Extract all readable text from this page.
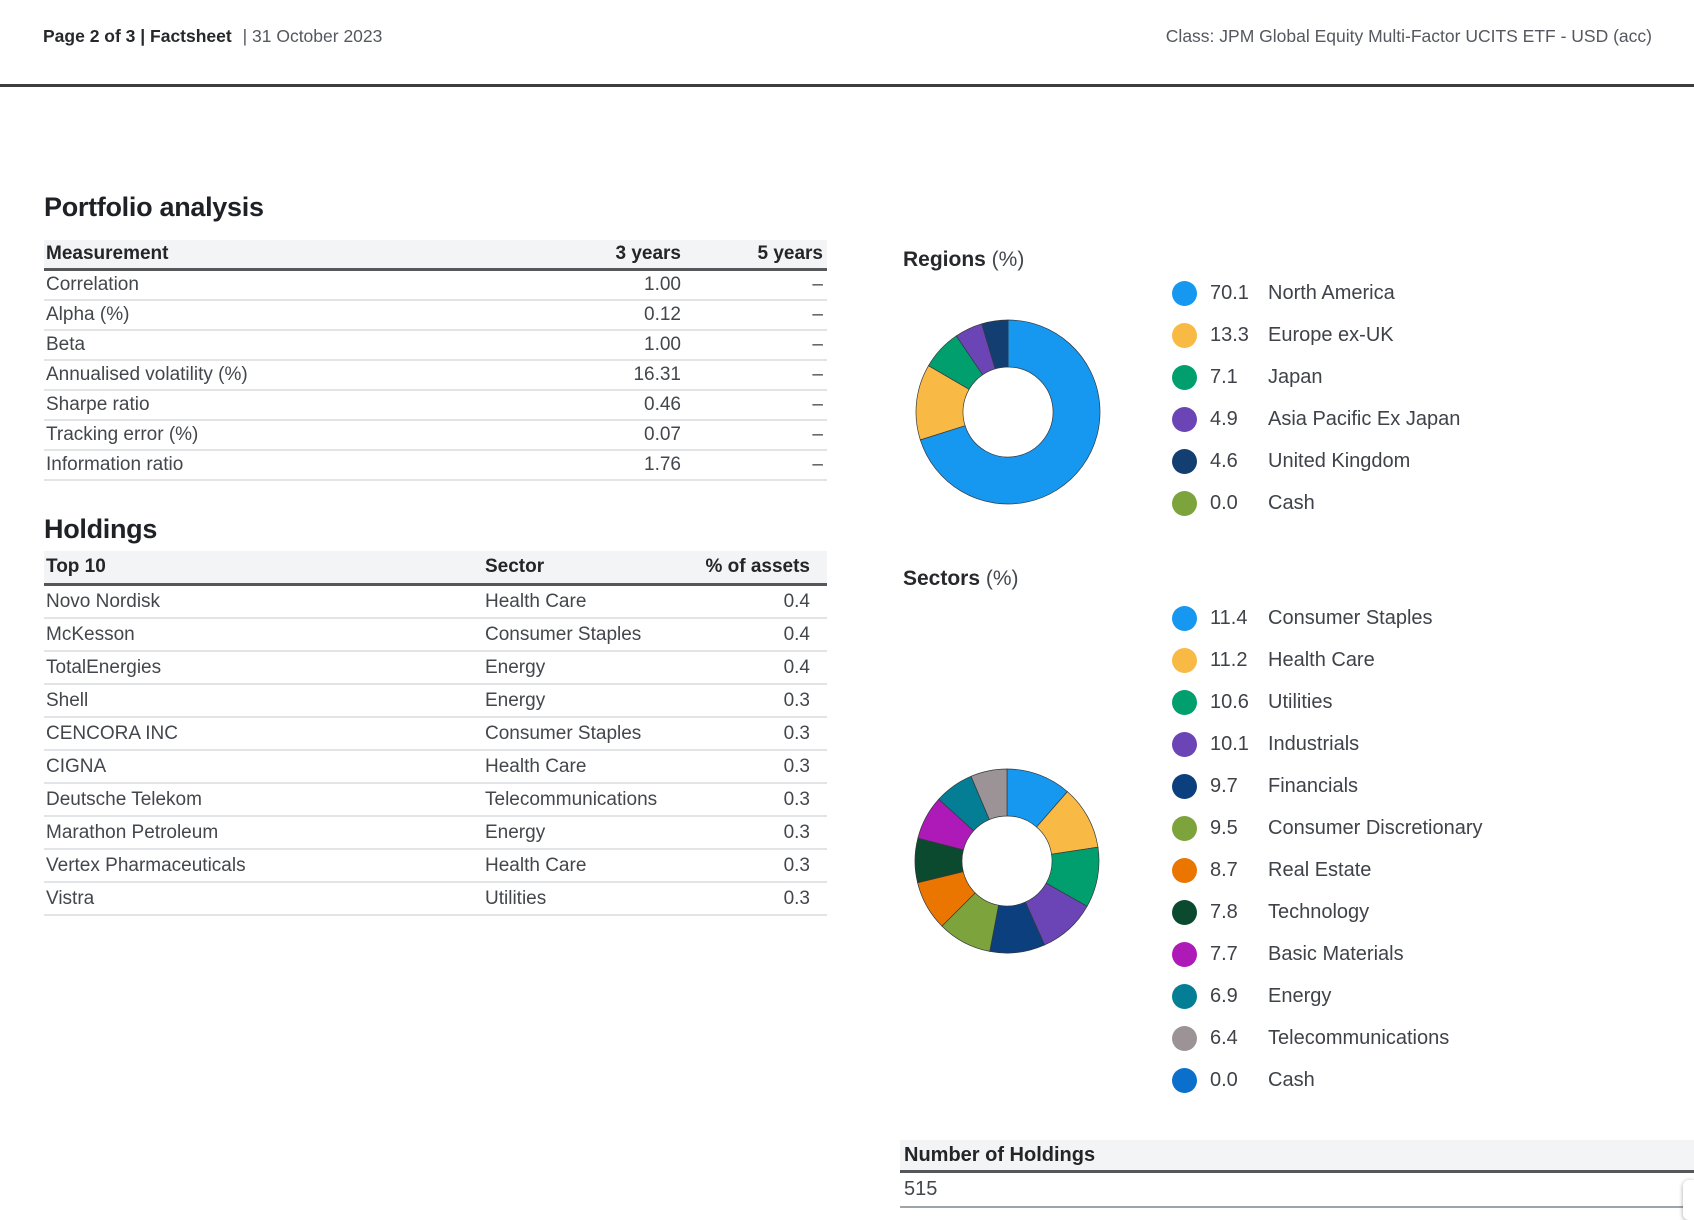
Page 2 of 3 | Factsheet | 31 October 2023	Class: JPM Global Equity Multi-Factor UCITS ETF - USD (acc)
Portfolio analysis
Measurement	3 years	5 years
Correlation	1.00	–
Alpha (%)	0.12	–
Beta	1.00	–
Annualised volatility (%)	16.31	–
Sharpe ratio	0.46	–
Tracking error (%)	0.07	–
Information ratio	1.76	–
Holdings
Top 10	Sector	% of assets
Novo Nordisk	Health Care	0.4
McKesson	Consumer Staples	0.4
TotalEnergies	Energy	0.4
Shell	Energy	0.3
CENCORA INC	Consumer Staples	0.3
CIGNA	Health Care	0.3
Deutsche Telekom	Telecommunications	0.3
Marathon Petroleum	Energy	0.3
Vertex Pharmaceuticals	Health Care	0.3
Vistra	Utilities	0.3
Regions (%)
70.1 North America
13.3 Europe ex-UK
7.1	Japan
4.9	Asia Pacific Ex Japan
4.6	United Kingdom
0.0	Cash
Sectors (%)
11.4	Consumer Staples
11.2	Health Care
10.6 Utilities
10.1 Industrials
9.7	Financials
9.5	Consumer Discretionary
8.7	Real Estate
7.8	Technology
7.7	Basic Materials
6.9	Energy
6.4	Telecommunications
0.0	Cash
Number of Holdings
515
